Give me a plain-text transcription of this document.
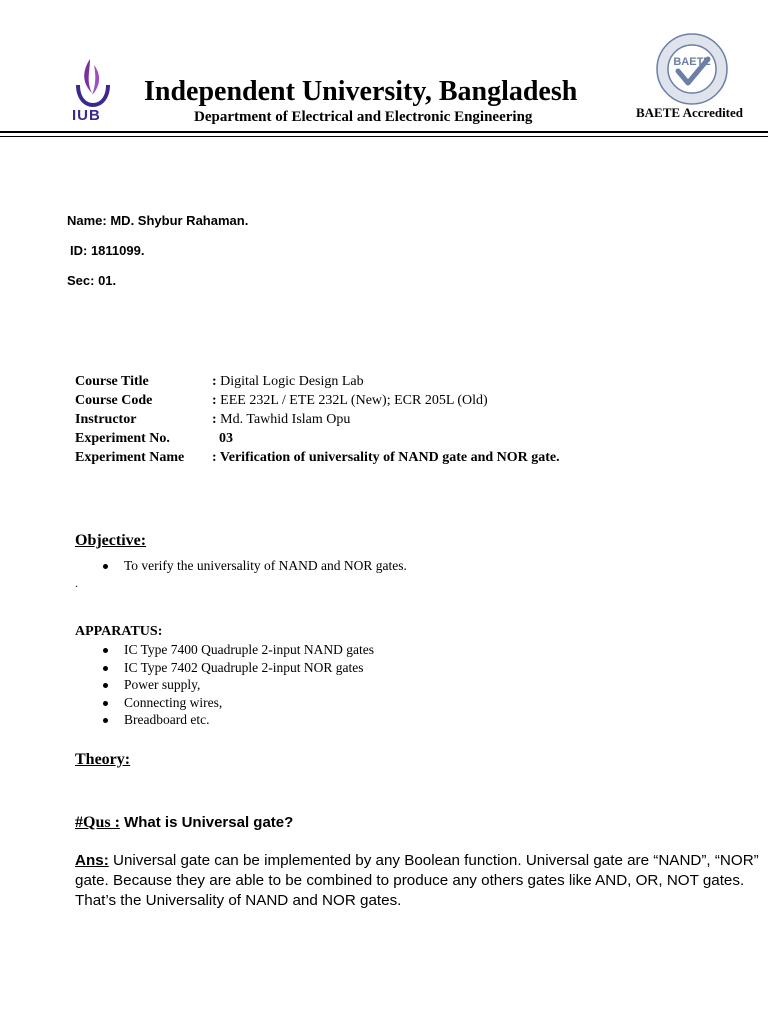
IUB
Independent University, Bangladesh
Department of Electrical and Electronic Engineering
BAETE
BAETE Accredited
Name: MD. Shybur Rahaman.
ID: 1811099.
Sec: 01.
Course Title	: Digital Logic Design Lab
Course Code	: EEE 232L / ETE 232L (New); ECR 205L (Old)
Instructor	: Md. Tawhid Islam Opu
Experiment No.	03
Experiment Name	: Verification of universality of NAND gate and NOR gate.
Objective:
To verify the universality of NAND and NOR gates.
.
APPARATUS:
IC Type 7400 Quadruple 2-input NAND gates
IC Type 7402 Quadruple 2-input NOR gates
Power supply,
Connecting wires,
Breadboard etc.
Theory:
#Qus : What is Universal gate?
Ans: Universal gate can be implemented by any Boolean function. Universal gate are “NAND”, “NOR” gate. Because they are able to be combined to produce any others gates like AND, OR, NOT gates. That’s the Universality of NAND and NOR gates.
